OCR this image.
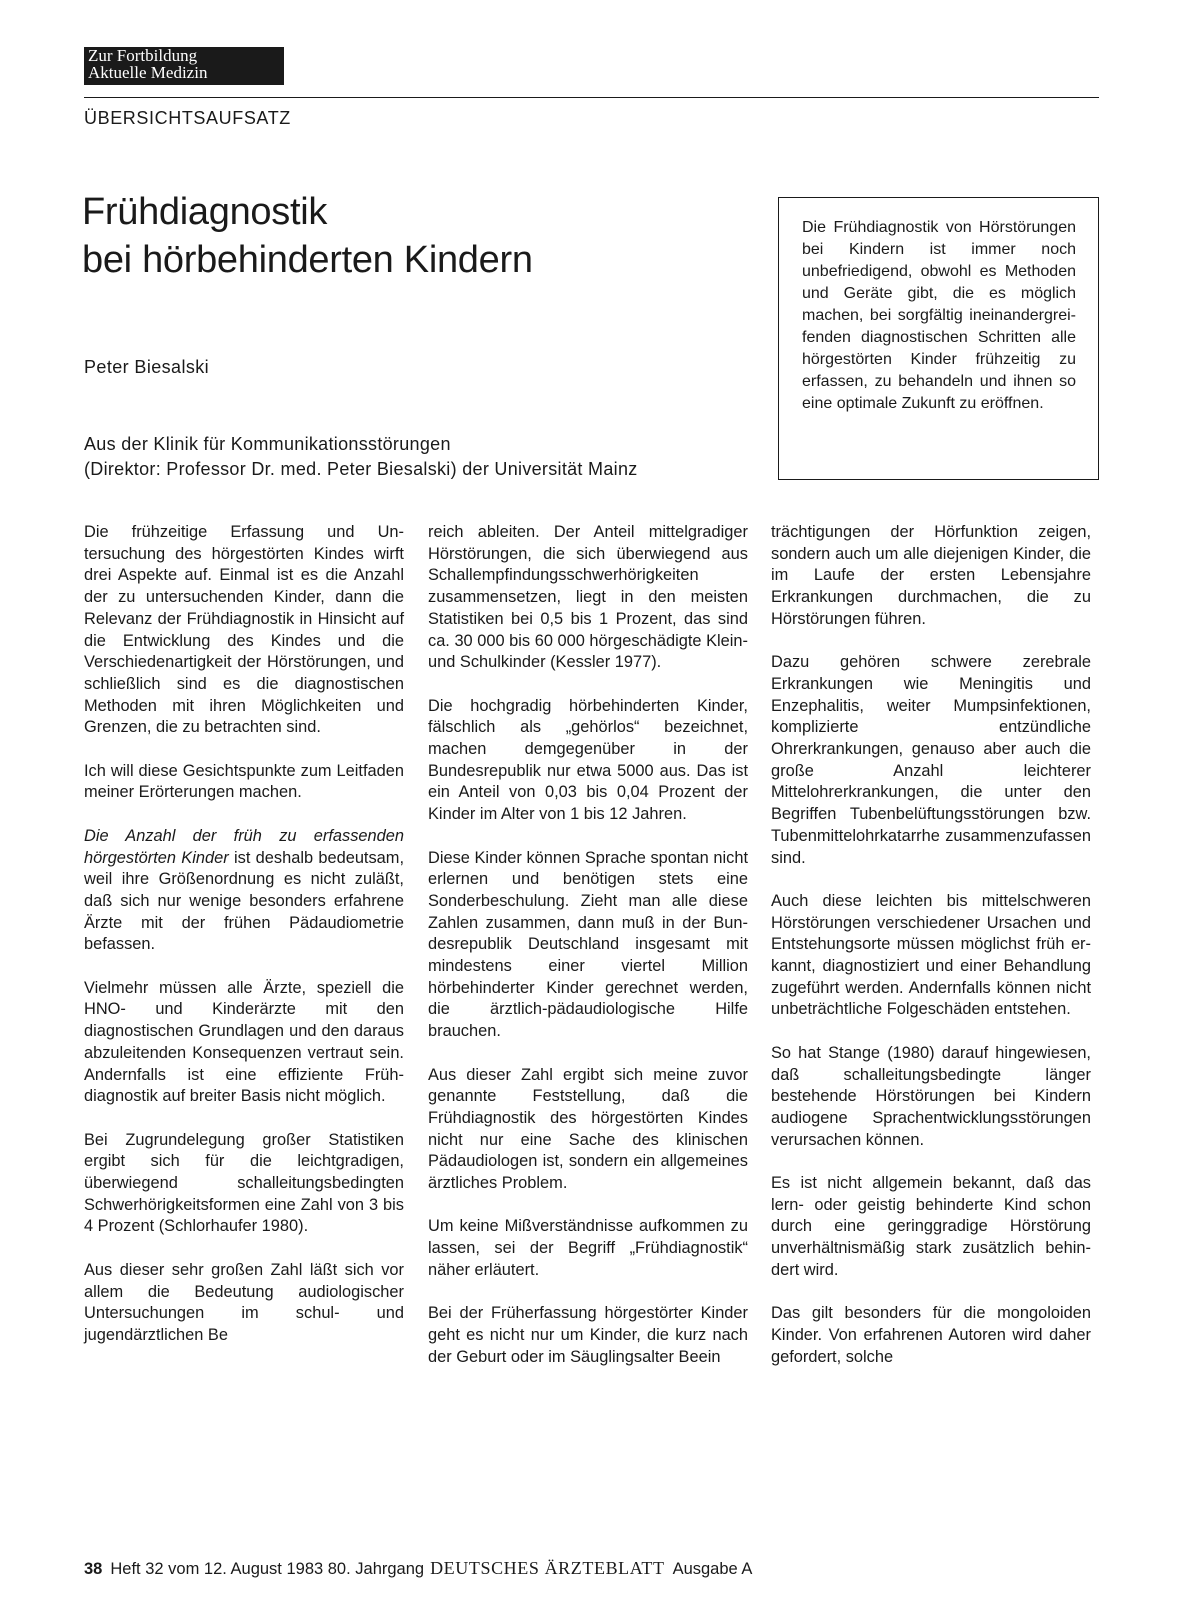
Zur Fortbildung
Aktuelle Medizin
ÜBERSICHTSAUFSATZ
Frühdiagnostik
bei hörbehinderten Kindern
Peter Biesalski
Aus der Klinik für Kommunikationsstörungen
(Direktor: Professor Dr. med. Peter Biesalski) der Universität Mainz
Die Frühdiagnostik von Hörstörungen bei Kindern ist immer noch unbefriedigend, obwohl es Methoden und Geräte gibt, die es möglich machen, bei sorgfältig ineinandergreifenden diagnostischen Schritten alle hörgestörten Kinder frühzeitig zu erfassen, zu behandeln und ihnen so eine optimale Zukunft zu eröffnen.

Die frühzeitige Erfassung und Untersuchung des hörgestörten Kindes wirft drei Aspekte auf. Einmal ist es die Anzahl der zu untersuchenden Kinder, dann die Relevanz der Frühdiagnostik in Hinsicht auf die Entwicklung des Kindes und die Verschiedenartigkeit der Hörstörungen, und schließlich sind es die diagnostischen Methoden mit ihren Möglichkeiten und Grenzen, die zu betrachten sind.

Ich will diese Gesichtspunkte zum Leitfaden meiner Erörterungen machen.

Die Anzahl der früh zu erfassenden hörgestörten Kinder ist deshalb bedeutsam, weil ihre Größenordnung es nicht zuläßt, daß sich nur wenige besonders erfahrene Ärzte mit der frühen Pädaudiometrie befassen.

Vielmehr müssen alle Ärzte, speziell die HNO- und Kinderärzte mit den diagnostischen Grundlagen und den daraus abzuleitenden Konsequenzen vertraut sein. Andernfalls ist eine effiziente Frühdiagnostik auf breiter Basis nicht möglich.

Bei Zugrundelegung großer Statistiken ergibt sich für die leichtgradigen, überwiegend schalleitungsbedingten Schwerhörigkeitsformen eine Zahl von 3 bis 4 Prozent (Schlorhaufer 1980).

Aus dieser sehr großen Zahl läßt sich vor allem die Bedeutung audiologischer Untersuchungen im schul- und jugendärztlichen Be

reich ableiten. Der Anteil mittelgradiger Hörstörungen, die sich überwiegend aus Schallempfindungsschwerhörigkeiten zusammensetzen, liegt in den meisten Statistiken bei 0,5 bis 1 Prozent, das sind ca. 30 000 bis 60 000 hörgeschädigte Klein- und Schulkinder (Kessler 1977).

Die hochgradig hörbehinderten Kinder, fälschlich als „gehörlos“ bezeichnet, machen demgegenüber in der Bundesrepublik nur etwa 5000 aus. Das ist ein Anteil von 0,03 bis 0,04 Prozent der Kinder im Alter von 1 bis 12 Jahren.

Diese Kinder können Sprache spontan nicht erlernen und benötigen stets eine Sonderbeschulung. Zieht man alle diese Zahlen zusammen, dann muß in der Bundesrepublik Deutschland insgesamt mit mindestens einer viertel Million hörbehinderter Kinder gerechnet werden, die ärztlich-pädaudiologische Hilfe brauchen.

Aus dieser Zahl ergibt sich meine zuvor genannte Feststellung, daß die Frühdiagnostik des hörgestörten Kindes nicht nur eine Sache des klinischen Pädaudiologen ist, sondern ein allgemeines ärztliches Problem.

Um keine Mißverständnisse aufkommen zu lassen, sei der Begriff „Frühdiagnostik“ näher erläutert.

Bei der Früherfassung hörgestörter Kinder geht es nicht nur um Kinder, die kurz nach der Geburt oder im Säuglingsalter Beein

trächtigungen der Hörfunktion zeigen, sondern auch um alle diejenigen Kinder, die im Laufe der ersten Lebensjahre Erkrankungen durchmachen, die zu Hörstörungen führen.

Dazu gehören schwere zerebrale Erkrankungen wie Meningitis und Enzephalitis, weiter Mumpsinfektionen, komplizierte entzündliche Ohrerkrankungen, genauso aber auch die große Anzahl leichterer Mittelohrerkrankungen, die unter den Begriffen Tubenbelüftungsstörungen bzw. Tubenmittelohrkatarrhe zusammenzufassen sind.

Auch diese leichten bis mittelschweren Hörstörungen verschiedener Ursachen und Entstehungsorte müssen möglichst früh erkannt, diagnostiziert und einer Behandlung zugeführt werden. Andernfalls können nicht unbeträchtliche Folgeschäden entstehen.

So hat Stange (1980) darauf hingewiesen, daß schalleitungsbedingte länger bestehende Hörstörungen bei Kindern audiogene Sprachentwicklungsstörungen verursachen können.

Es ist nicht allgemein bekannt, daß das lern- oder geistig behinderte Kind schon durch eine geringgradige Hörstörung unverhältnismäßig stark zusätzlich behindert wird.

Das gilt besonders für die mongoloiden Kinder. Von erfahrenen Autoren wird daher gefordert, solche

38 Heft 32 vom 12. August 1983 80. Jahrgang DEUTSCHES ÄRZTEBLATT Ausgabe A
